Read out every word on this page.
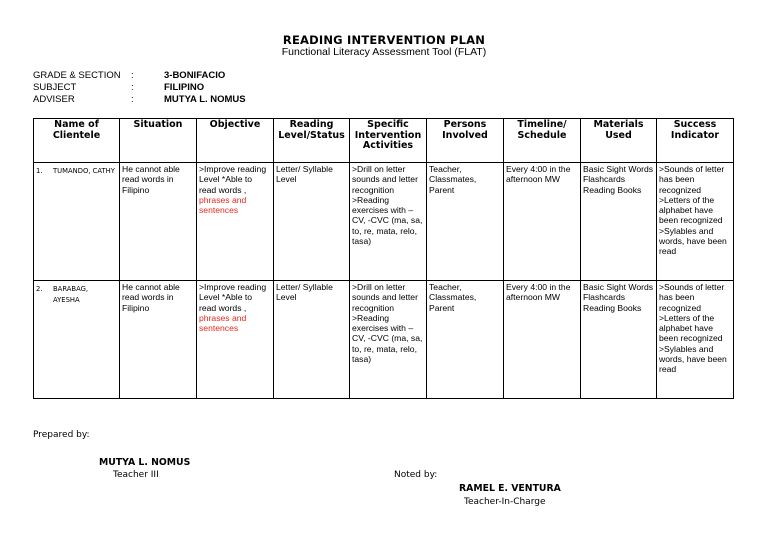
READING INTERVENTION PLAN
Functional Literacy Assessment Tool (FLAT)
GRADE & SECTION :	3-BONIFACIO
SUBJECT	:	FILIPINO
ADVISER	:	MUTYA L. NOMUS
Name of Clientele	Situation	Objective	Reading Level/Status	Specific Intervention Activities	Persons Involved	Timeline/ Schedule	Materials Used	Success Indicator
1. TUMANDO, CATHY	He cannot able read words in Filipino	>Improve reading Level *Able to read words , phrases and sentences	Letter/ Syllable Level	>Drill on letter sounds and letter recognition >Reading exercises with – CV, -CVC (ma, sa, to, re, mata, relo, tasa)	Teacher, Classmates, Parent	Every 4:00 in the afternoon MW	Basic Sight Words Flashcards Reading Books	>Sounds of letter has been recognized >Letters of the alphabet have been recognized >Sylables and words, have been read
2. BARABAG, AYESHA	He cannot able read words in Filipino	>Improve reading Level *Able to read words , phrases and sentences	Letter/ Syllable Level	>Drill on letter sounds and letter recognition >Reading exercises with – CV, -CVC (ma, sa, to, re, mata, relo, tasa)	Teacher, Classmates, Parent	Every 4:00 in the afternoon MW	Basic Sight Words Flashcards Reading Books	>Sounds of letter has been recognized >Letters of the alphabet have been recognized >Sylables and words, have been read
Prepared by:
MUTYA L. NOMUS
Teacher III	Noted by:
RAMEL E. VENTURA
Teacher-In-Charge
